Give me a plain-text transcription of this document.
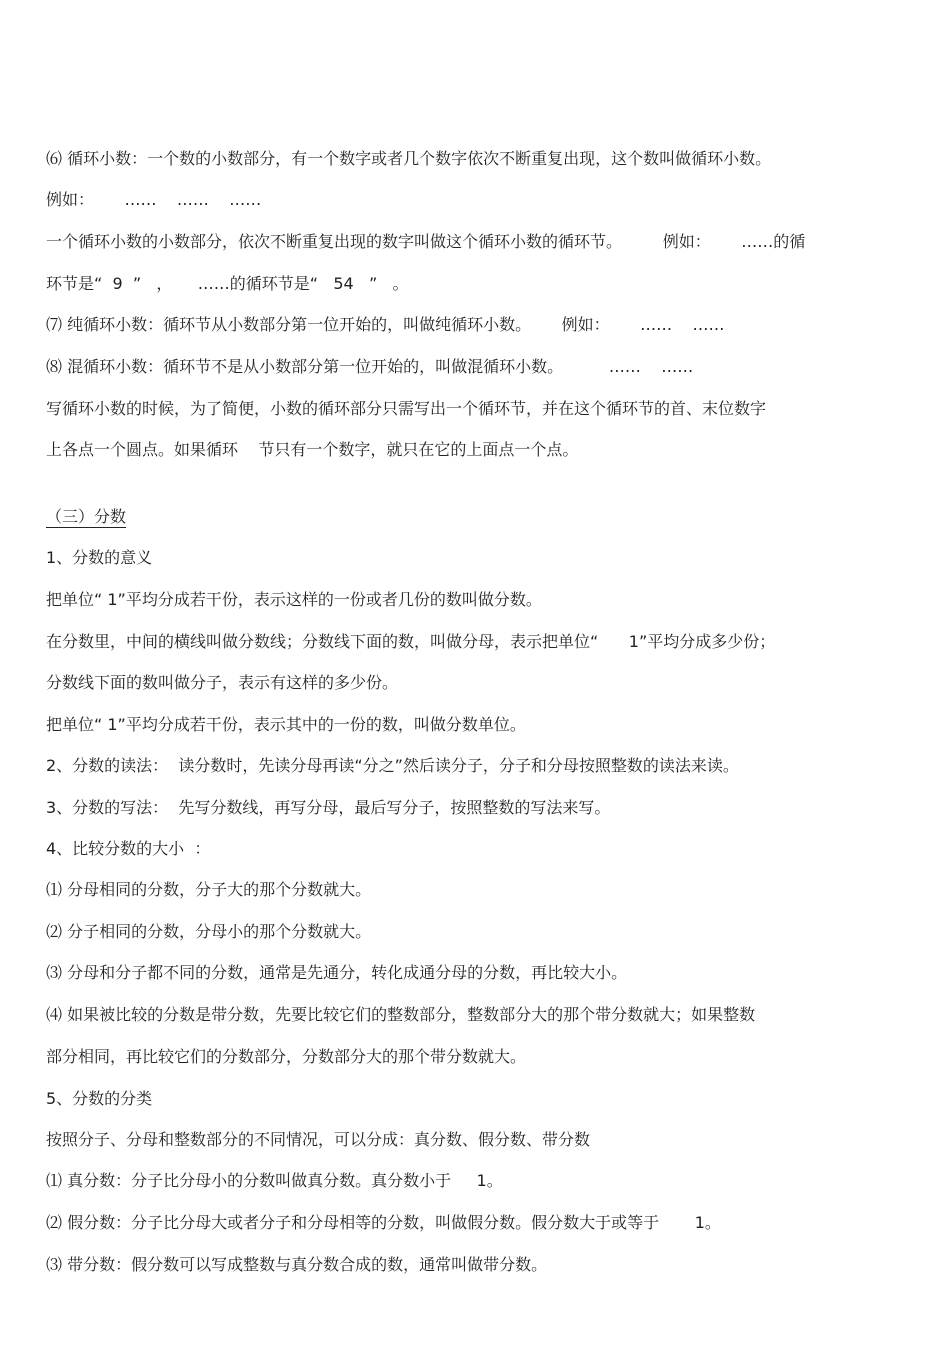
⑹ 循环小数：一个数的小数部分，有一个数字或者几个数字依次不断重复出现，这个数叫做循环小数。
例如：      ……    ……    ……
一个循环小数的小数部分，依次不断重复出现的数字叫做这个循环小数的循环节。        例如：      ……的循
环节是“  9  ”   ，     ……的循环节是“   54   ”   。
⑺ 纯循环小数：循环节从小数部分第一位开始的，叫做纯循环小数。      例如：      ……    ……
⑻ 混循环小数：循环节不是从小数部分第一位开始的，叫做混循环小数。         ……    ……
写循环小数的时候，为了简便，小数的循环部分只需写出一个循环节，并在这个循环节的首、末位数字
上各点一个圆点。如果循环    节只有一个数字，就只在它的上面点一个点。
（三）分数
1、分数的意义
把单位“ 1”平均分成若干份，表示这样的一份或者几份的数叫做分数。
在分数里，中间的横线叫做分数线；分数线下面的数，叫做分母，表示把单位“      1”平均分成多少份；
分数线下面的数叫做分子，表示有这样的多少份。
把单位“ 1”平均分成若干份，表示其中的一份的数，叫做分数单位。
2、分数的读法：  读分数时，先读分母再读“分之”然后读分子，分子和分母按照整数的读法来读。
3、分数的写法：  先写分数线，再写分母，最后写分子，按照整数的写法来写。
4、比较分数的大小  ：
⑴ 分母相同的分数，分子大的那个分数就大。
⑵ 分子相同的分数，分母小的那个分数就大。
⑶ 分母和分子都不同的分数，通常是先通分，转化成通分母的分数，再比较大小。
⑷ 如果被比较的分数是带分数，先要比较它们的整数部分，整数部分大的那个带分数就大；如果整数
部分相同，再比较它们的分数部分，分数部分大的那个带分数就大。
5、分数的分类
按照分子、分母和整数部分的不同情况，可以分成：真分数、假分数、带分数
⑴ 真分数：分子比分母小的分数叫做真分数。真分数小于     1。
⑵ 假分数：分子比分母大或者分子和分母相等的分数，叫做假分数。假分数大于或等于       1。
⑶ 带分数：假分数可以写成整数与真分数合成的数，通常叫做带分数。
